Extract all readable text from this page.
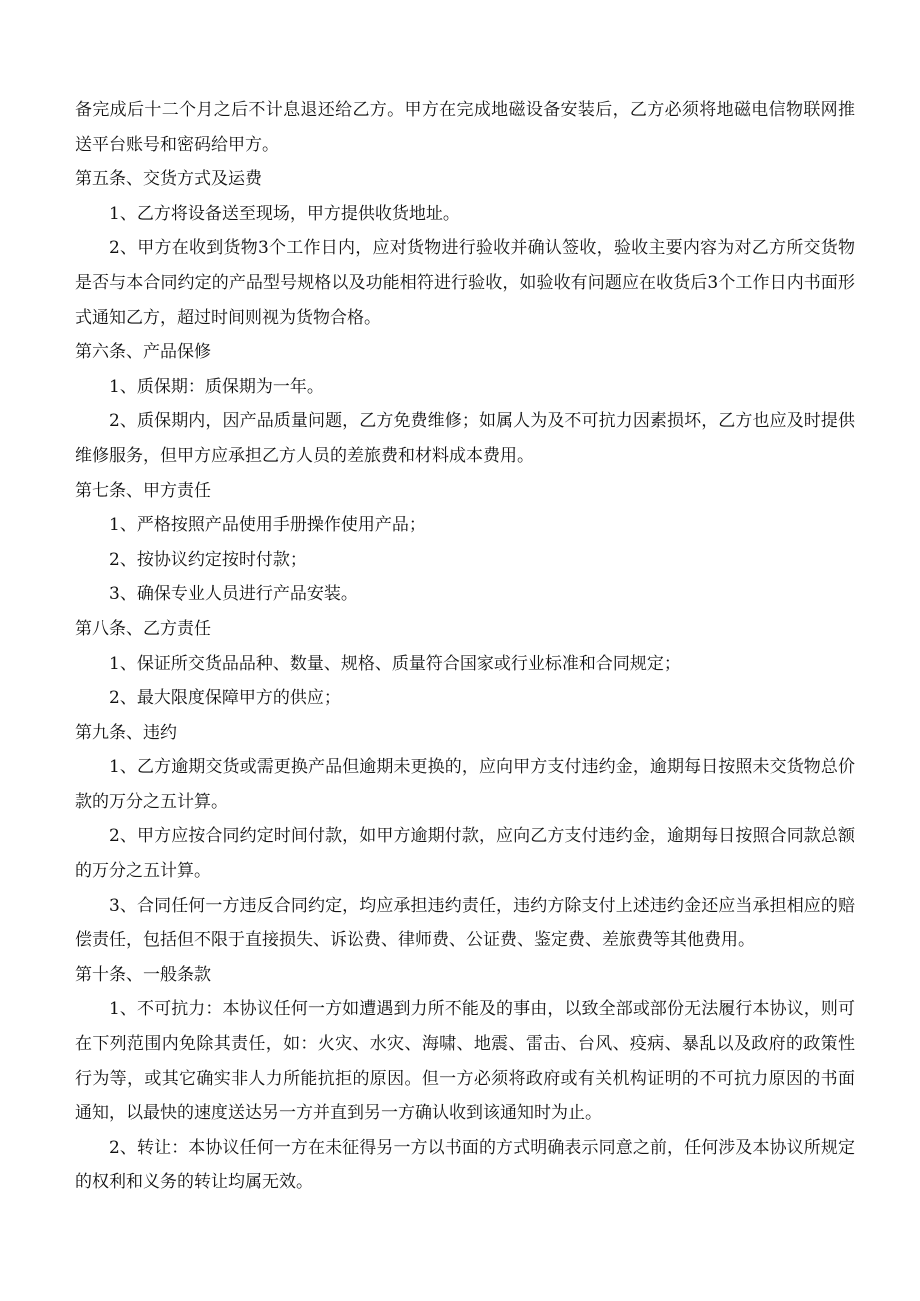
备完成后十二个月之后不计息退还给乙方。甲方在完成地磁设备安装后，乙方必须将地磁电信物联网推送平台账号和密码给甲方。

第五条、交货方式及运费

1、乙方将设备送至现场，甲方提供收货地址。

2、甲方在收到货物3个工作日内，应对货物进行验收并确认签收，验收主要内容为对乙方所交货物是否与本合同约定的产品型号规格以及功能相符进行验收，如验收有问题应在收货后3个工作日内书面形式通知乙方，超过时间则视为货物合格。

第六条、产品保修

1、质保期：质保期为一年。

2、质保期内，因产品质量问题，乙方免费维修；如属人为及不可抗力因素损坏，乙方也应及时提供维修服务，但甲方应承担乙方人员的差旅费和材料成本费用。

第七条、甲方责任

1、严格按照产品使用手册操作使用产品；

2、按协议约定按时付款；

3、确保专业人员进行产品安装。

第八条、乙方责任

1、保证所交货品品种、数量、规格、质量符合国家或行业标准和合同规定；

2、最大限度保障甲方的供应；

第九条、违约

1、乙方逾期交货或需更换产品但逾期未更换的，应向甲方支付违约金，逾期每日按照未交货物总价款的万分之五计算。

2、甲方应按合同约定时间付款，如甲方逾期付款，应向乙方支付违约金，逾期每日按照合同款总额的万分之五计算。

3、合同任何一方违反合同约定，均应承担违约责任，违约方除支付上述违约金还应当承担相应的赔偿责任，包括但不限于直接损失、诉讼费、律师费、公证费、鉴定费、差旅费等其他费用。

第十条、一般条款

1、不可抗力：本协议任何一方如遭遇到力所不能及的事由，以致全部或部份无法履行本协议，则可在下列范围内免除其责任，如：火灾、水灾、海啸、地震、雷击、台风、疫病、暴乱以及政府的政策性行为等，或其它确实非人力所能抗拒的原因。但一方必须将政府或有关机构证明的不可抗力原因的书面通知，以最快的速度送达另一方并直到另一方确认收到该通知时为止。

2、转让：本协议任何一方在未征得另一方以书面的方式明确表示同意之前，任何涉及本协议所规定的权利和义务的转让均属无效。
